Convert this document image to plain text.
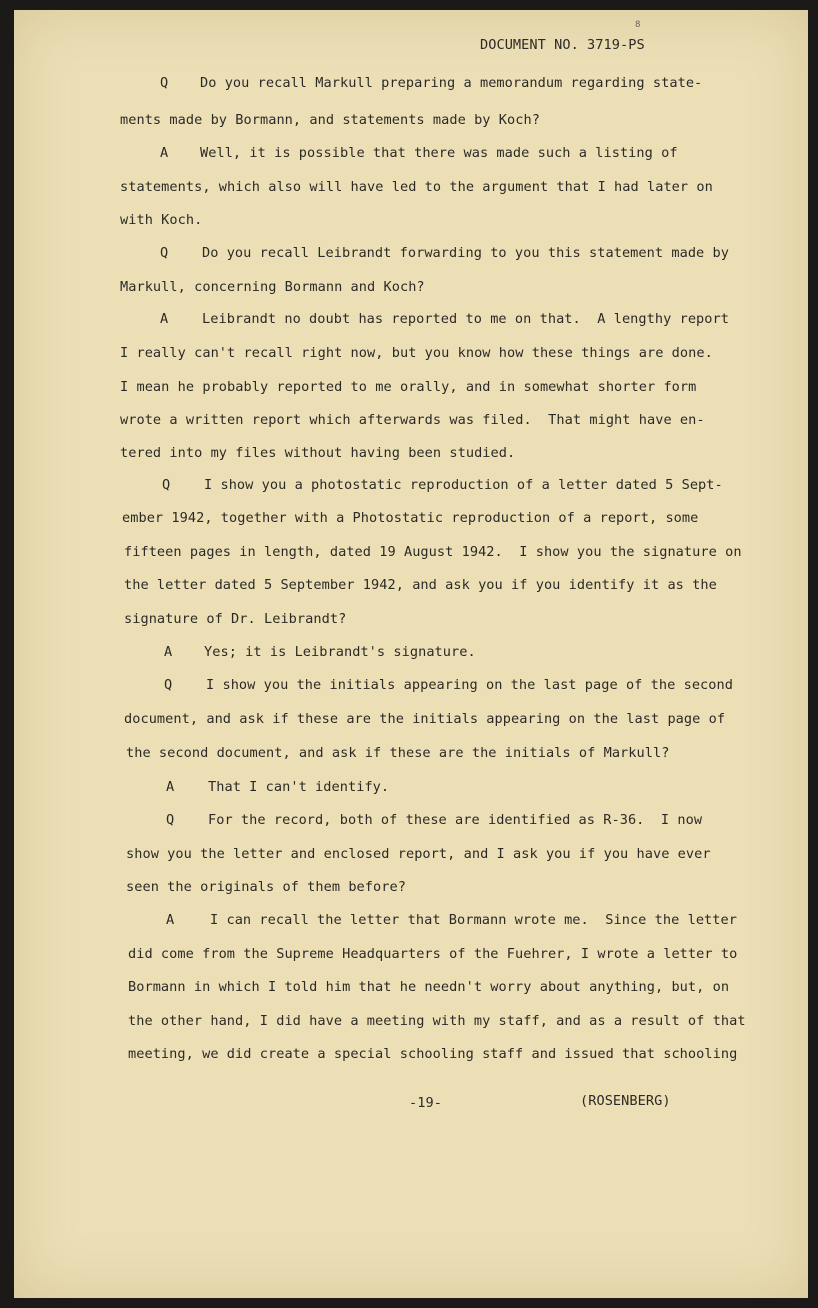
DOCUMENT NO. 3719-PS
8
Q Do you recall Markull preparing a memorandum regarding state-
ments made by Bormann, and statements made by Koch?
A Well, it is possible that there was made such a listing of
statements, which also will have led to the argument that I had later on
with Koch.
Q Do you recall Leibrandt forwarding to you this statement made by
Markull, concerning Bormann and Koch?
A Leibrandt no doubt has reported to me on that.  A lengthy report
I really can't recall right now, but you know how these things are done.
I mean he probably reported to me orally, and in somewhat shorter form
wrote a written report which afterwards was filed.  That might have en-
tered into my files without having been studied.
Q I show you a photostatic reproduction of a letter dated 5 Sept-
ember 1942, together with a Photostatic reproduction of a report, some
fifteen pages in length, dated 19 August 1942.  I show you the signature on
the letter dated 5 September 1942, and ask you if you identify it as the
signature of Dr. Leibrandt?
A Yes; it is Leibrandt's signature.
Q I show you the initials appearing on the last page of the second
document, and ask if these are the initials appearing on the last page of
the second document, and ask if these are the initials of Markull?
A That I can't identify.
Q For the record, both of these are identified as R-36.  I now
show you the letter and enclosed report, and I ask you if you have ever
seen the originals of them before?
A	I can recall the letter that Bormann wrote me.  Since the letter
did come from the Supreme Headquarters of the Fuehrer, I wrote a letter to
Bormann in which I told him that he needn't worry about anything, but, on
the other hand, I did have a meeting with my staff, and as a result of that
meeting, we did create a special schooling staff and issued that schooling
-19-	(ROSENBERG)
